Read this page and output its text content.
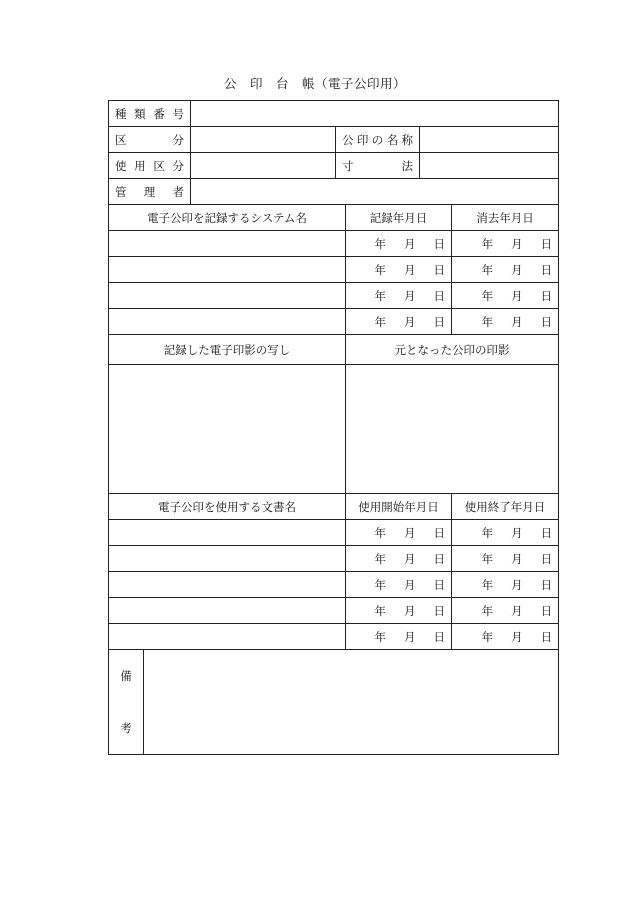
公　印　台　帳（電子公印用）
種 類 番 号						

区 分			公 印 の 名 称			

使 用 区 分			寸 法			

管 理 者						

電子公印を記録するシステム名				記録年月日		消去年月日
				年 月 日		年 月 日
				年 月 日		年 月 日
				年 月 日		年 月 日
				年 月 日		年 月 日
記録した電子印影の写し				元となった公印の印影		

電子公印を使用する文書名				使用開始年月日		使用終了年月日
				年 月 日		年 月 日
				年 月 日		年 月 日
				年 月 日		年 月 日
				年 月 日		年 月 日
				年 月 日		年 月 日

備
考						
